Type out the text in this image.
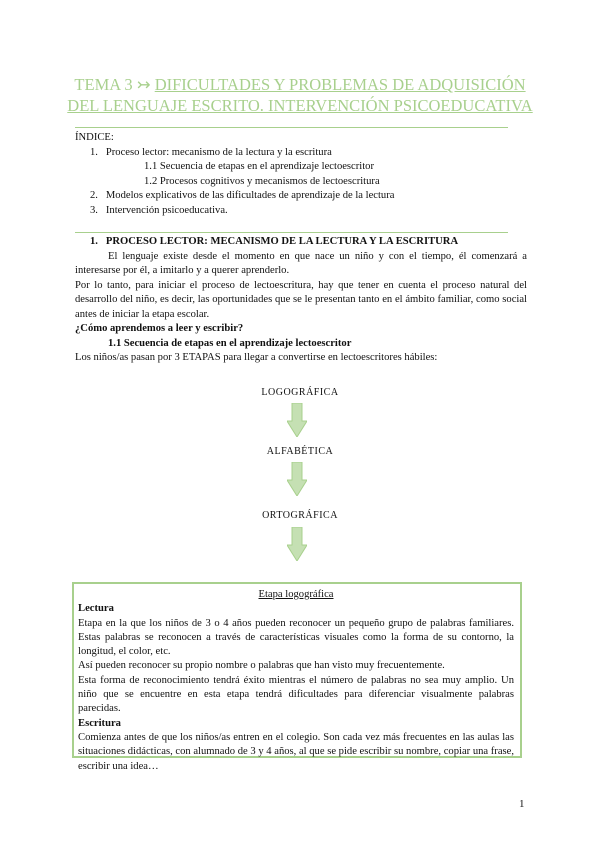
TEMA 3 ↣ DIFICULTADES Y PROBLEMAS DE ADQUISICIÓN DEL LENGUAJE ESCRITO. INTERVENCIÓN PSICOEDUCATIVA
ÍNDICE:
1.   Proceso lector: mecanismo de la lectura y la escritura
1.1 Secuencia de etapas en el aprendizaje lectoescritor
1.2 Procesos cognitivos y mecanismos de lectoescritura
2.   Modelos explicativos de las dificultades de aprendizaje de la lectura
3.   Intervención psicoeducativa.
1.   PROCESO LECTOR: MECANISMO DE LA LECTURA Y LA ESCRITURA
El lenguaje existe desde el momento en que nace un niño y con el tiempo, él comenzará a interesarse por él, a imitarlo y a querer aprenderlo.
Por lo tanto, para iniciar el proceso de lectoescritura, hay que tener en cuenta el proceso natural del desarrollo del niño, es decir, las oportunidades que se le presentan tanto en el ámbito familiar, como social antes de iniciar la etapa escolar.
¿Cómo aprendemos a leer y escribir?
1.1 Secuencia de etapas en el aprendizaje lectoescritor
Los niños/as pasan por 3 ETAPAS para llegar a convertirse en lectoescritores hábiles:
LOGOGRÁFICA
ALFABÉTICA
ORTOGRÁFICA
Etapa logográfica
Lectura
Etapa en la que los niños de 3 o 4 años pueden reconocer un pequeño grupo de palabras familiares. Estas palabras se reconocen a través de características visuales como la forma de su contorno, la longitud, el color, etc.
Así pueden reconocer su propio nombre o palabras que han visto muy frecuentemente.
Esta forma de reconocimiento tendrá éxito mientras el número de palabras no sea muy amplio. Un niño que se encuentre en esta etapa tendrá dificultades para diferenciar visualmente palabras parecidas.
Escritura
Comienza antes de que los niños/as entren en el colegio. Son cada vez más frecuentes en las aulas las situaciones didácticas, con alumnado de 3 y 4 años, al que se pide escribir su nombre, copiar una frase, escribir una idea…
1
